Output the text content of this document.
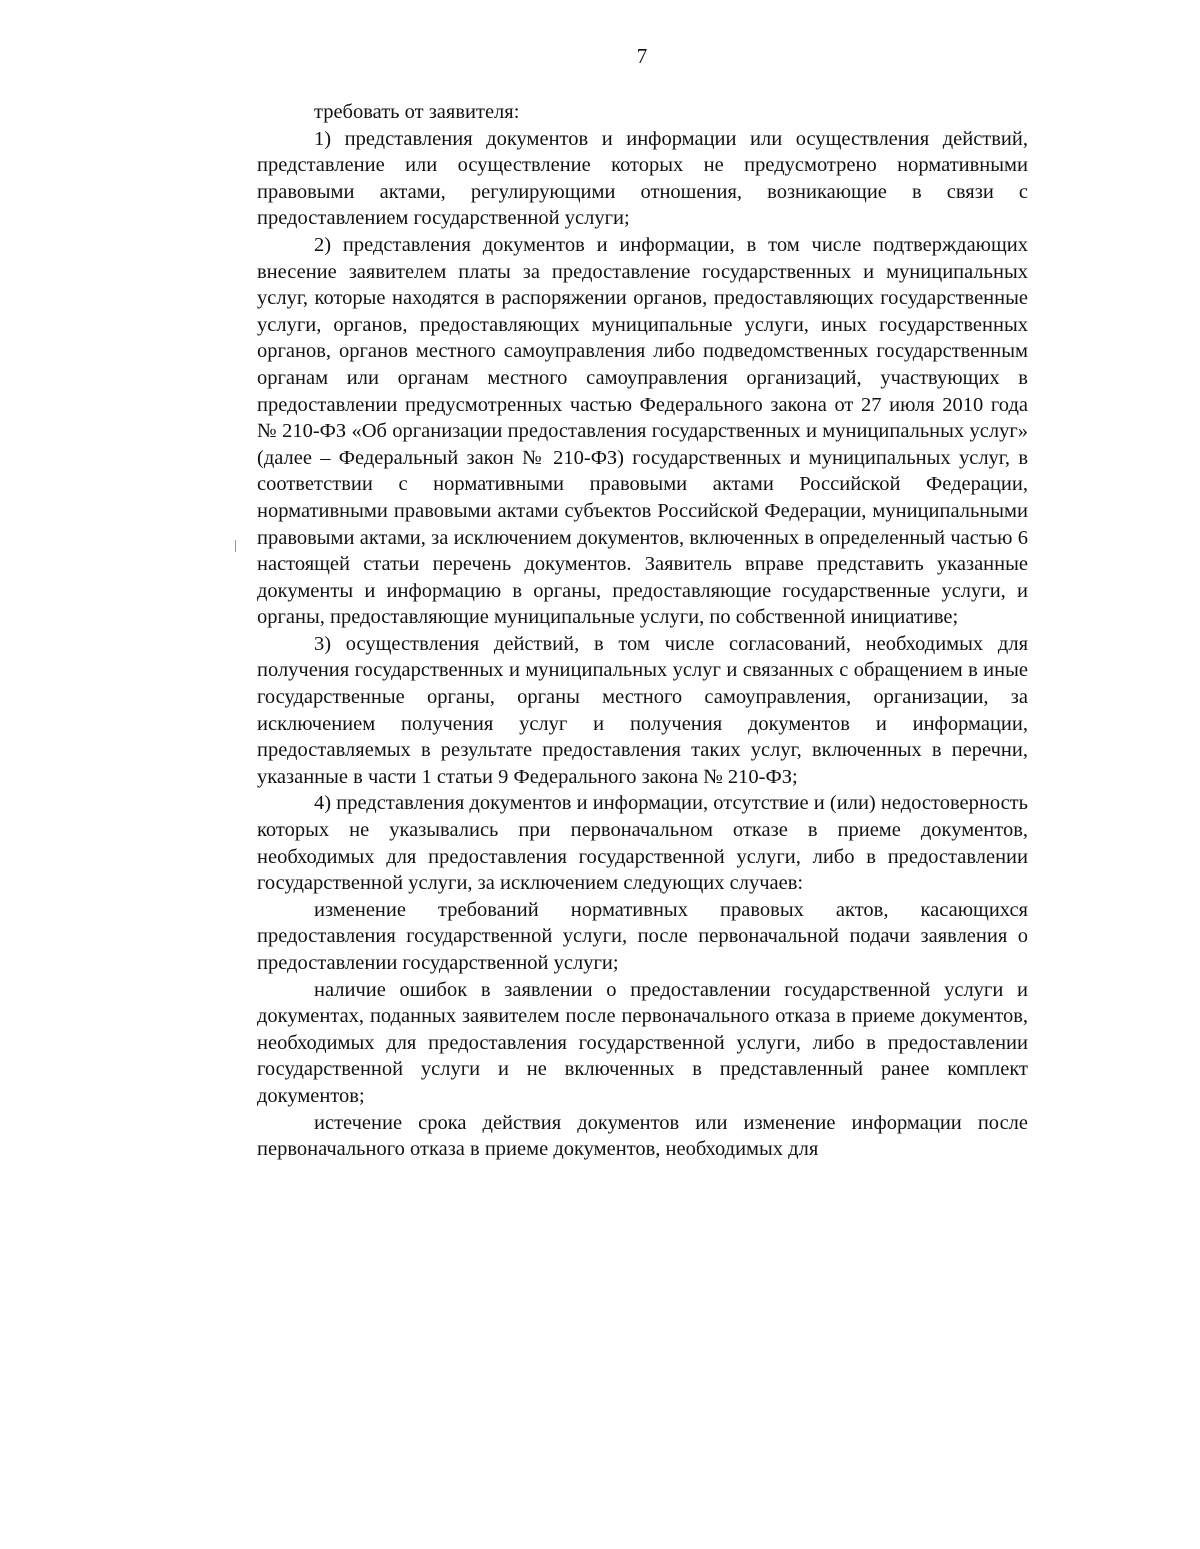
7

требовать от заявителя:

1) представления документов и информации или осуществления действий, представление или осуществление которых не предусмотрено нормативными правовыми актами, регулирующими отношения, возникающие в связи с предоставлением государственной услуги;

2) представления документов и информации, в том числе подтверждающих внесение заявителем платы за предоставление государственных и муниципальных услуг, которые находятся в распоряжении органов, предоставляющих государственные услуги, органов, предоставляющих муниципальные услуги, иных государственных органов, органов местного самоуправления либо подведомственных государственным органам или органам местного самоуправления организаций, участвующих в предоставлении предусмотренных частью Федерального закона от 27 июля 2010 года № 210-ФЗ «Об организации предоставления государственных и муниципальных услуг» (далее – Федеральный закон № 210-ФЗ) государственных и муниципальных услуг, в соответствии с нормативными правовыми актами Российской Федерации, нормативными правовыми актами субъектов Российской Федерации, муниципальными правовыми актами, за исключением документов, включенных в определенный частью 6 настоящей статьи перечень документов. Заявитель вправе представить указанные документы и информацию в органы, предоставляющие государственные услуги, и органы, предоставляющие муниципальные услуги, по собственной инициативе;

3) осуществления действий, в том числе согласований, необходимых для получения государственных и муниципальных услуг и связанных с обращением в иные государственные органы, органы местного самоуправления, организации, за исключением получения услуг и получения документов и информации, предоставляемых в результате предоставления таких услуг, включенных в перечни, указанные в части 1 статьи 9 Федерального закона № 210-ФЗ;

4) представления документов и информации, отсутствие и (или) недостоверность которых не указывались при первоначальном отказе в приеме документов, необходимых для предоставления государственной услуги, либо в предоставлении государственной услуги, за исключением следующих случаев:

изменение требований нормативных правовых актов, касающихся предоставления государственной услуги, после первоначальной подачи заявления о предоставлении государственной услуги;

наличие ошибок в заявлении о предоставлении государственной услуги и документах, поданных заявителем после первоначального отказа в приеме документов, необходимых для предоставления государственной услуги, либо в предоставлении государственной услуги и не включенных в представленный ранее комплект документов;

истечение срока действия документов или изменение информации после первоначального отказа в приеме документов, необходимых для
